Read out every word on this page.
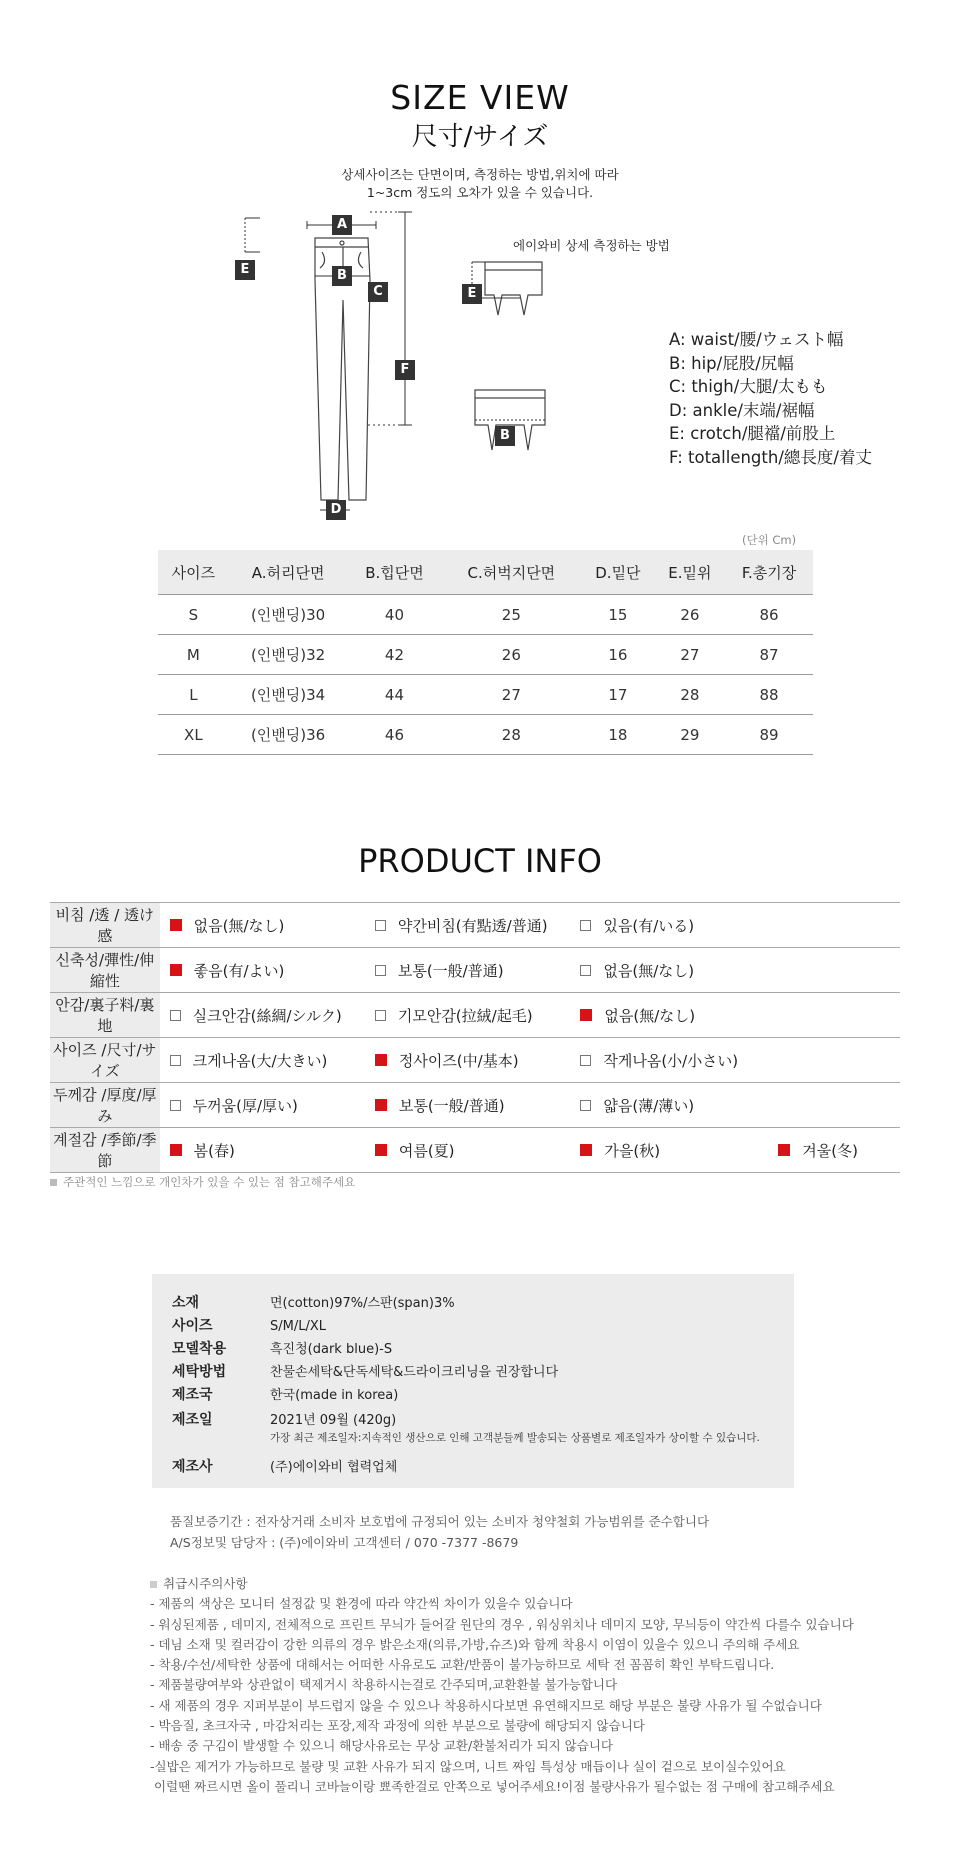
SIZE VIEW
尺寸/サイズ
상세사이즈는 단면이며, 측정하는 방법,위치에 따라
1~3cm 정도의 오차가 있을 수 있습니다.
A
B
C
D
E
F
E
B
에이와비 상세 측정하는 방법
A: waist/腰/ウェスト幅
B: hip/屁股/尻幅
C: thigh/大腿/太もも
D: ankle/末端/裾幅
E: crotch/腿襠/前股上
F: totallength/總長度/着丈
(단위 Cm)
사이즈	A.허리단면	B.힙단면	C.허벅지단면	D.밑단	E.밑위	F.총기장
S	(인밴딩)30	40	25	15	26	86
M	(인밴딩)32	42	26	16	27	87
L	(인밴딩)34	44	27	17	28	88
XL	(인밴딩)36	46	28	18	29	89
PRODUCT INFO
비침 /透 / 透け感	없음(無/なし)	약간비침(有點透/普通)	있음(有/いる)	
신축성/彈性/伸縮性	좋음(有/よい)	보통(一般/普通)	없음(無/なし)	
안감/裏子料/裏地	실크안감(絲綢/シルク)	기모안감(拉絨/起毛)	없음(無/なし)	
사이즈 /尺寸/サイズ	크게나옴(大/大きい)	정사이즈(中/基本)	작게나옴(小/小さい)	
두께감 /厚度/厚み	두꺼움(厚/厚い)	보통(一般/普通)	얇음(薄/薄い)	
계절감 /季節/季節	봄(春)	여름(夏)	가을(秋)	겨울(冬)
주관적인 느낌으로 개인차가 있을 수 있는 점 참고해주세요
소재	면(cotton)97%/스판(span)3%
사이즈	S/M/L/XL
모델착용	흑진청(dark blue)-S
세탁방법	찬물손세탁&단독세탁&드라이크리닝을 권장합니다
제조국	한국(made in korea)
제조일	2021년 09월 (420g)
가장 최근 제조일자:지속적인 생산으로 인해 고객분들께 발송되는 상품별로 제조일자가 상이할 수 있습니다.
제조사	(주)에이와비 협력업체
품질보증기간 : 전자상거래 소비자 보호법에 규정되어 있는 소비자 청약철회 가능범위를 준수합니다
A/S정보및 담당자 : (주)에이와비 고객센터 / 070 -7377 -8679
취급시주의사항
- 제품의 색상은 모니터 설정값 및 환경에 따라 약간씩 차이가 있을수 있습니다
- 워싱된제품 , 데미지, 전체적으로 프린트 무늬가 들어갈 원단의 경우 , 워싱위치나 데미지 모양, 무늬등이 약간씩 다를수 있습니다
- 데님 소재 및 컬러감이 강한 의류의 경우 밝은소재(의류,가방,슈즈)와 함께 착용시 이염이 있을수 있으니 주의해 주세요
- 착용/수선/세탁한 상품에 대해서는 어떠한 사유로도 교환/반품이 불가능하므로 세탁 전 꼼꼼히 확인 부탁드립니다.
- 제품불량여부와 상관없이 택제거시 착용하시는걸로 간주되며,교환환불 불가능합니다
- 새 제품의 경우 지퍼부분이 부드럽지 않을 수 있으나 착용하시다보면 유연해지므로 해당 부분은 불량 사유가 될 수없습니다
- 박음질, 초크자국 , 마감처리는 포장,제작 과정에 의한 부분으로 불량에 해당되지 않습니다
- 배송 중 구김이 발생할 수 있으니 해당사유로는 무상 교환/환불처리가 되지 않습니다
-실밥은 제거가 가능하므로 불량 및 교환 사유가 되지 않으며, 니트 짜임 특성상 매듭이나 실이 겉으로 보이실수있어요
이럴땐 짜르시면 올이 풀리니 코바늘이랑 뾰족한걸로 안쪽으로 넣어주세요!이점 불량사유가 될수없는 점 구매에 참고해주세요
